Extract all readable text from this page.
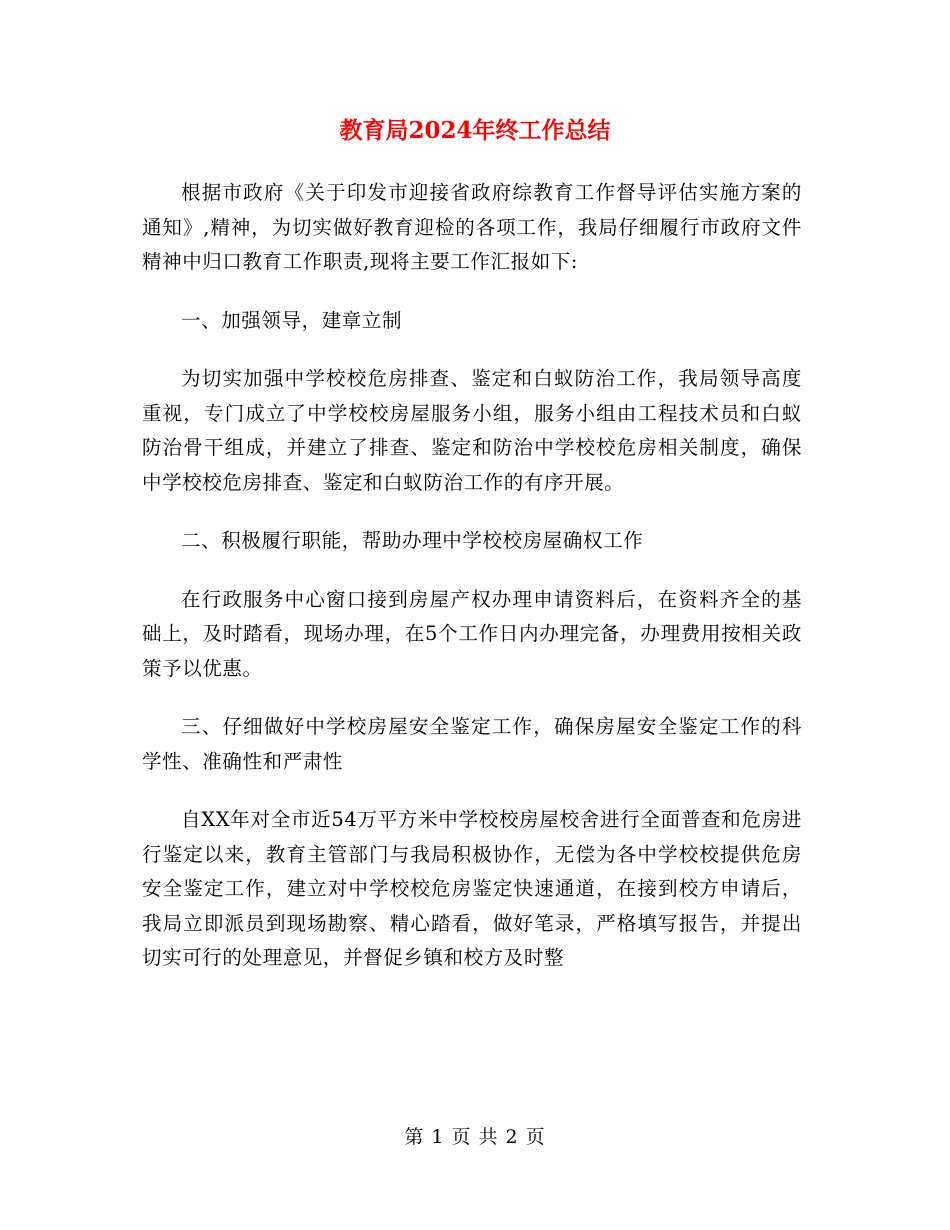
教育局2024年终工作总结

根据市政府《关于印发市迎接省政府综教育工作督导评估实施方案的通知》,精神，为切实做好教育迎检的各项工作，我局仔细履行市政府文件精神中归口教育工作职责,现将主要工作汇报如下:

一、加强领导，建章立制

为切实加强中学校校危房排查、鉴定和白蚁防治工作，我局领导高度重视，专门成立了中学校校房屋服务小组，服务小组由工程技术员和白蚁防治骨干组成，并建立了排查、鉴定和防治中学校校危房相关制度，确保中学校校危房排查、鉴定和白蚁防治工作的有序开展。

二、积极履行职能，帮助办理中学校校房屋确权工作

在行政服务中心窗口接到房屋产权办理申请资料后，在资料齐全的基础上，及时踏看，现场办理，在5个工作日内办理完备，办理费用按相关政策予以优惠。

三、仔细做好中学校房屋安全鉴定工作，确保房屋安全鉴定工作的科学性、准确性和严肃性

自XX年对全市近54万平方米中学校校房屋校舍进行全面普查和危房进行鉴定以来，教育主管部门与我局积极协作，无偿为各中学校校提供危房安全鉴定工作，建立对中学校校危房鉴定快速通道，在接到校方申请后，我局立即派员到现场勘察、精心踏看，做好笔录，严格填写报告，并提出切实可行的处理意见，并督促乡镇和校方及时整

第 1 页 共 2 页
